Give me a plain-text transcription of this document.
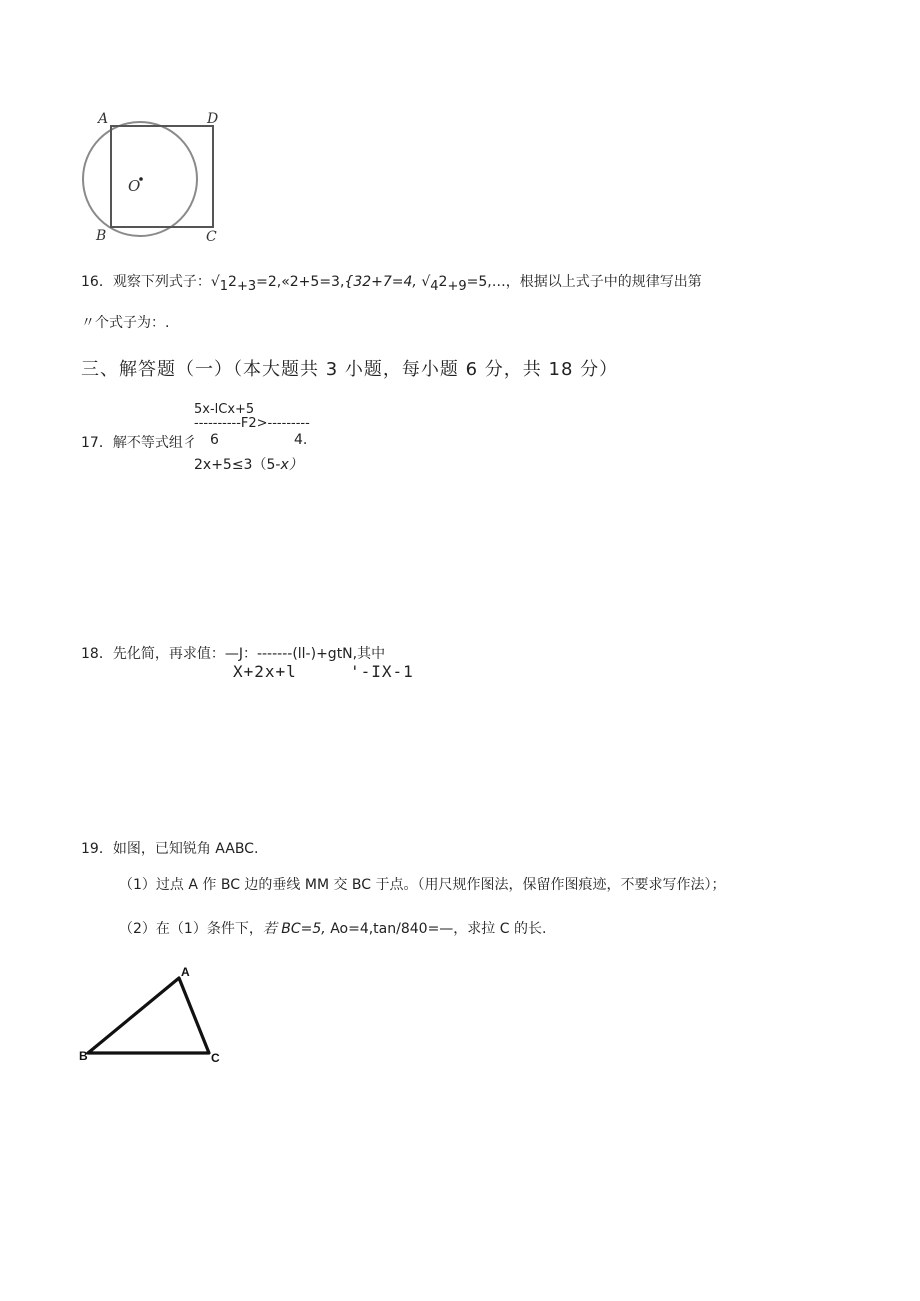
A	D
O
B	C
16．观察下列式子：$√_12_{+3}=2,«2+5=3,\{32+7=4$, $√_42_{+9}=5,\dots$，根据以上式子中的规律写出第
〃个式子为：.
三、解答题（一）（本大题共 3 小题，每小题 6 分，共 18 分）
5x-lCx+5
----------F2>---------
17．解不等式组彳 6	4.
2x+5≤3（5-x）
18．先化简，再求值：—J：-------(ll-)+gtN,其中
X+2x+l     '-IX-1
19．如图，已知锐角 AABC.
（1）过点 A 作 BC 边的垂线 MM 交 BC 于点。（用尺规作图法，保留作图痕迹，不要求写作法）；
（2）在（1）条件下，若 BC=5, Ao=4,tan/840=—，求拉 C 的长.
A
B	C
